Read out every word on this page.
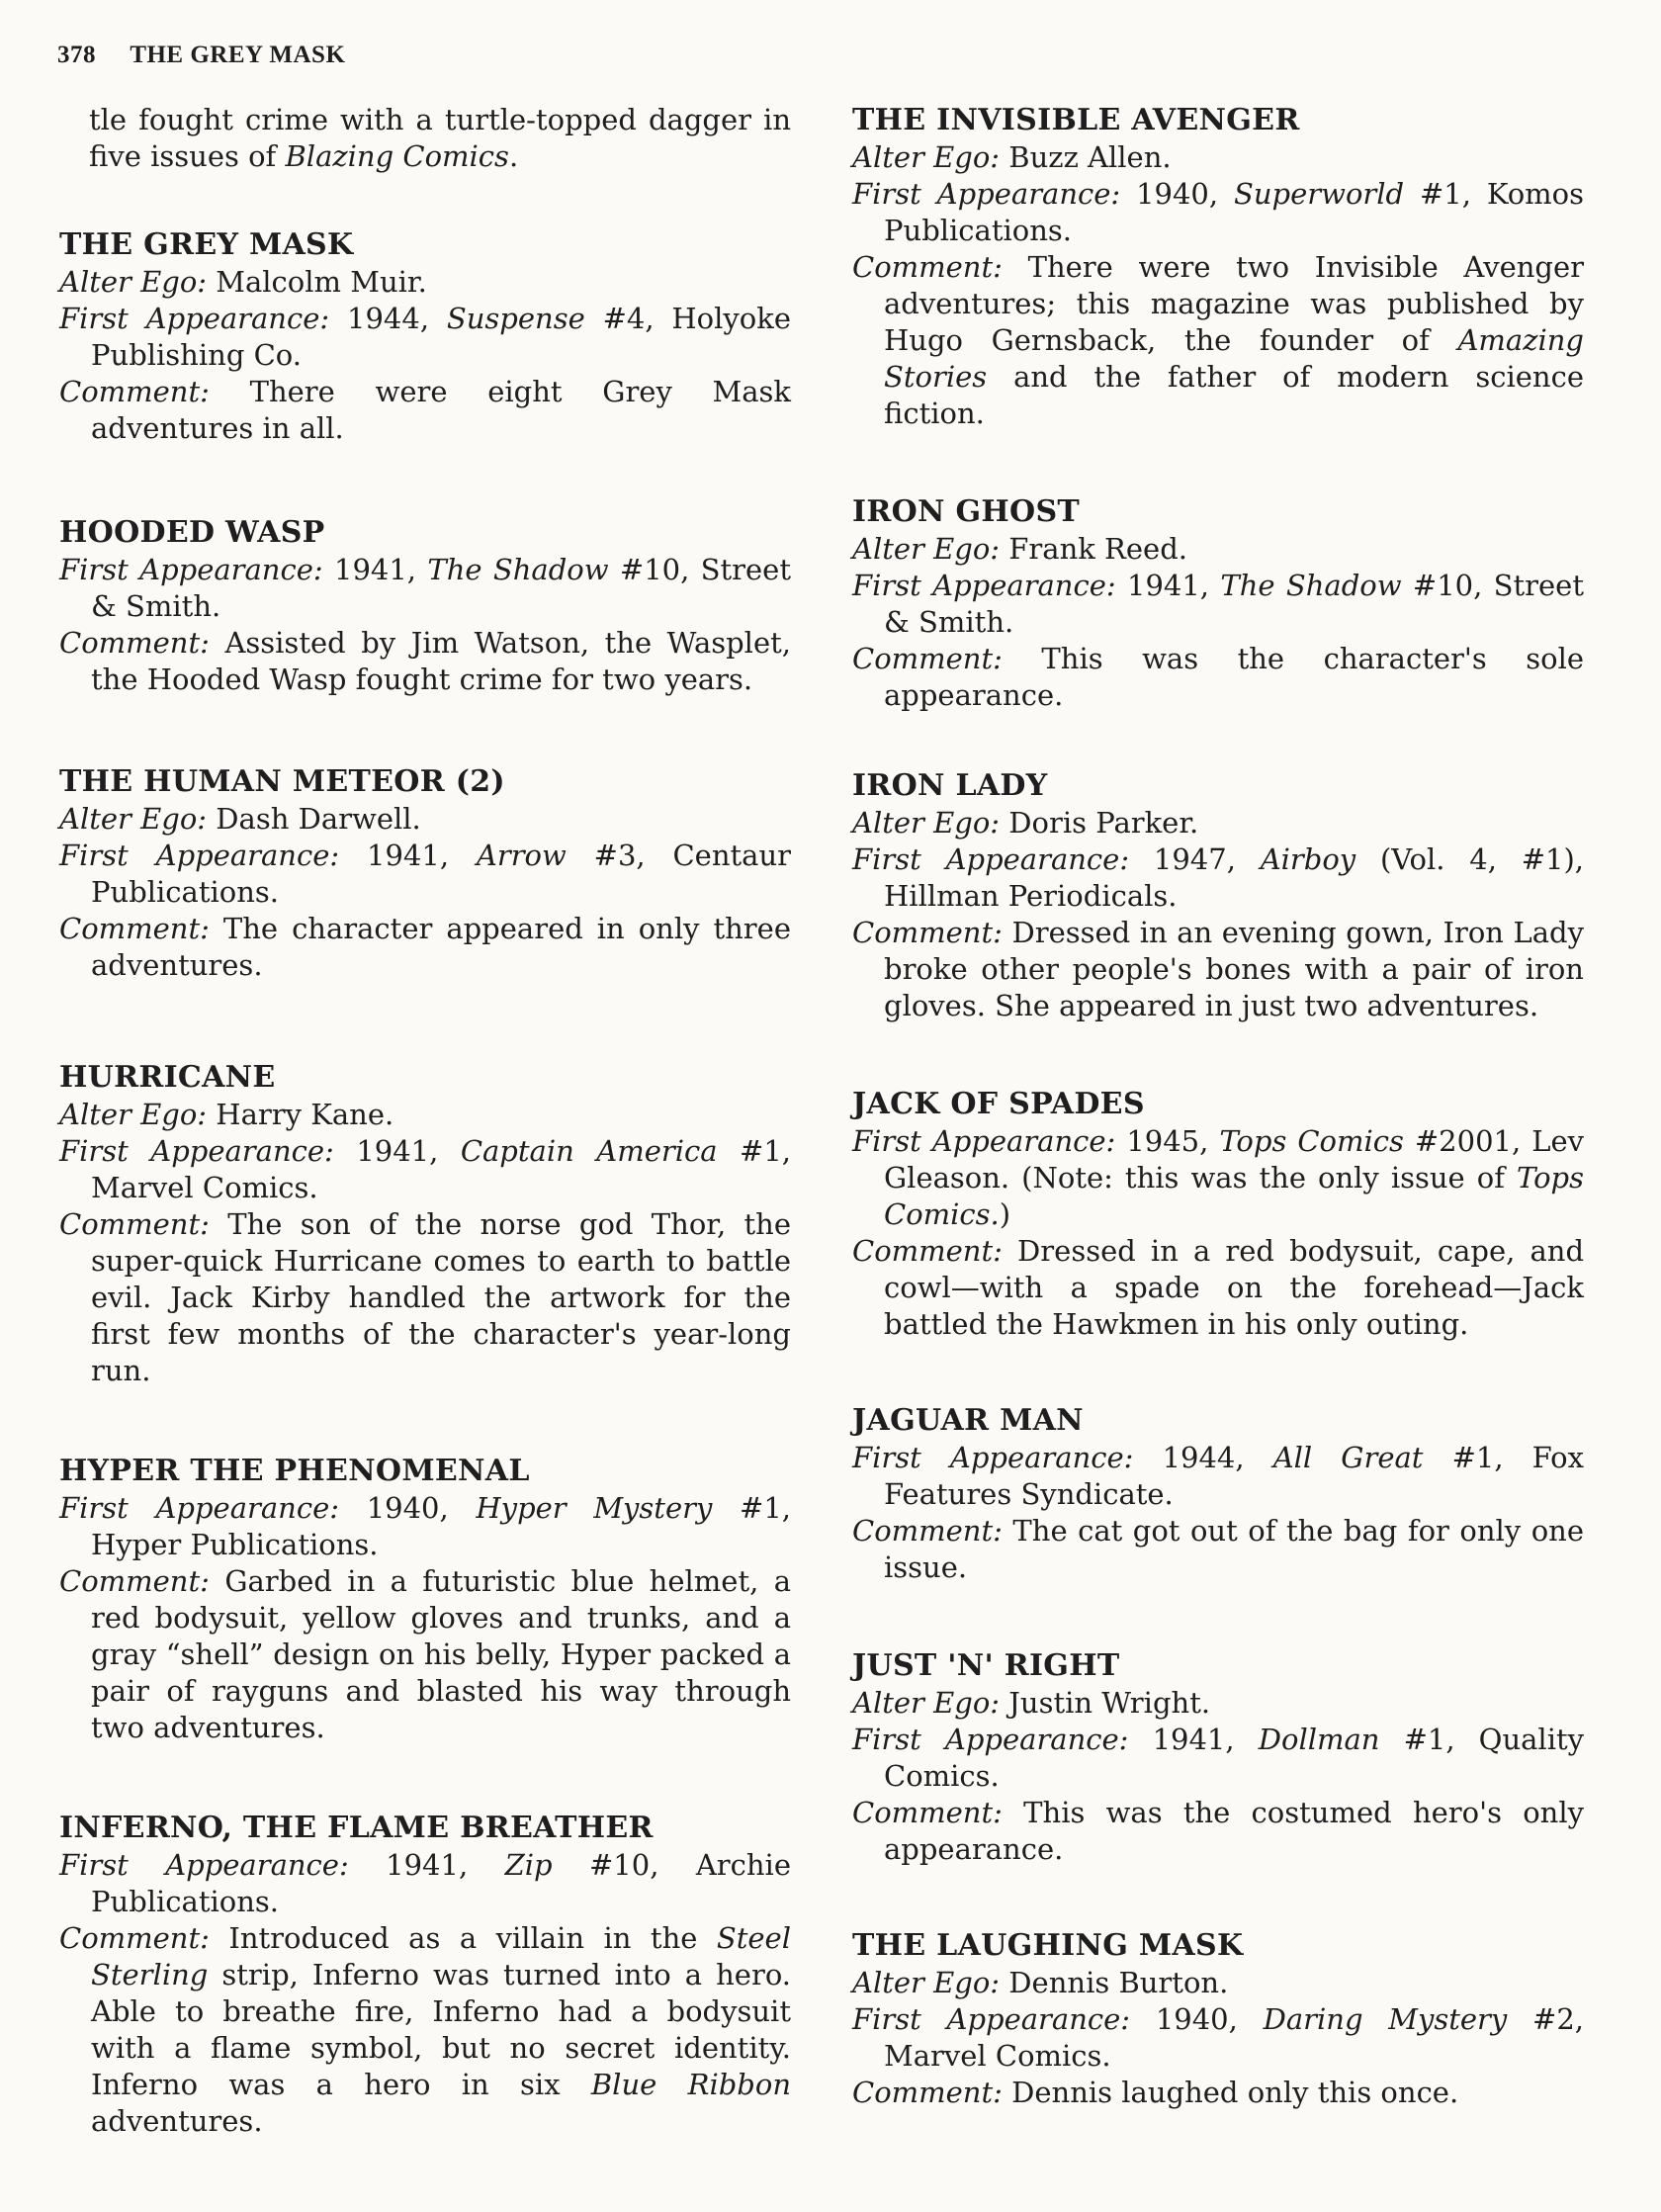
378 THE GREY MASK

tle fought crime with a turtle-topped dagger in five issues of Blazing Comics.

THE GREY MASK

Alter Ego: Malcolm Muir.

First Appearance: 1944, Suspense #4, Holyoke Publishing Co.

Comment: There were eight Grey Mask adventures in all.

HOODED WASP

First Appearance: 1941, The Shadow #10, Street & Smith.

Comment: Assisted by Jim Watson, the Wasplet, the Hooded Wasp fought crime for two years.

THE HUMAN METEOR (2)

Alter Ego: Dash Darwell.

First Appearance: 1941, Arrow #3, Centaur Publications.

Comment: The character appeared in only three adventures.

HURRICANE

Alter Ego: Harry Kane.

First Appearance: 1941, Captain America #1, Marvel Comics.

Comment: The son of the norse god Thor, the super-quick Hurricane comes to earth to battle evil. Jack Kirby handled the artwork for the first few months of the character's year-long run.

HYPER THE PHENOMENAL

First Appearance: 1940, Hyper Mystery #1, Hyper Publications.

Comment: Garbed in a futuristic blue helmet, a red bodysuit, yellow gloves and trunks, and a gray “shell” design on his belly, Hyper packed a pair of rayguns and blasted his way through two adventures.

INFERNO, THE FLAME BREATHER

First Appearance: 1941, Zip #10, Archie Publications.

Comment: Introduced as a villain in the Steel Sterling strip, Inferno was turned into a hero. Able to breathe fire, Inferno had a bodysuit with a flame symbol, but no secret identity. Inferno was a hero in six Blue Ribbon adventures.

THE INVISIBLE AVENGER

Alter Ego: Buzz Allen.

First Appearance: 1940, Superworld #1, Komos Publications.

Comment: There were two Invisible Avenger adventures; this magazine was published by Hugo Gernsback, the founder of Amazing Stories and the father of modern science fiction.

IRON GHOST

Alter Ego: Frank Reed.

First Appearance: 1941, The Shadow #10, Street & Smith.

Comment: This was the character's sole appearance.

IRON LADY

Alter Ego: Doris Parker.

First Appearance: 1947, Airboy (Vol. 4, #1), Hillman Periodicals.

Comment: Dressed in an evening gown, Iron Lady broke other people's bones with a pair of iron gloves. She appeared in just two adventures.

JACK OF SPADES

First Appearance: 1945, Tops Comics #2001, Lev Gleason. (Note: this was the only issue of Tops Comics.)

Comment: Dressed in a red bodysuit, cape, and cowl—with a spade on the forehead—Jack battled the Hawkmen in his only outing.

JAGUAR MAN

First Appearance: 1944, All Great #1, Fox Features Syndicate.

Comment: The cat got out of the bag for only one issue.

JUST 'N' RIGHT

Alter Ego: Justin Wright.

First Appearance: 1941, Dollman #1, Quality Comics.

Comment: This was the costumed hero's only appearance.

THE LAUGHING MASK

Alter Ego: Dennis Burton.

First Appearance: 1940, Daring Mystery #2, Marvel Comics.

Comment: Dennis laughed only this once.
